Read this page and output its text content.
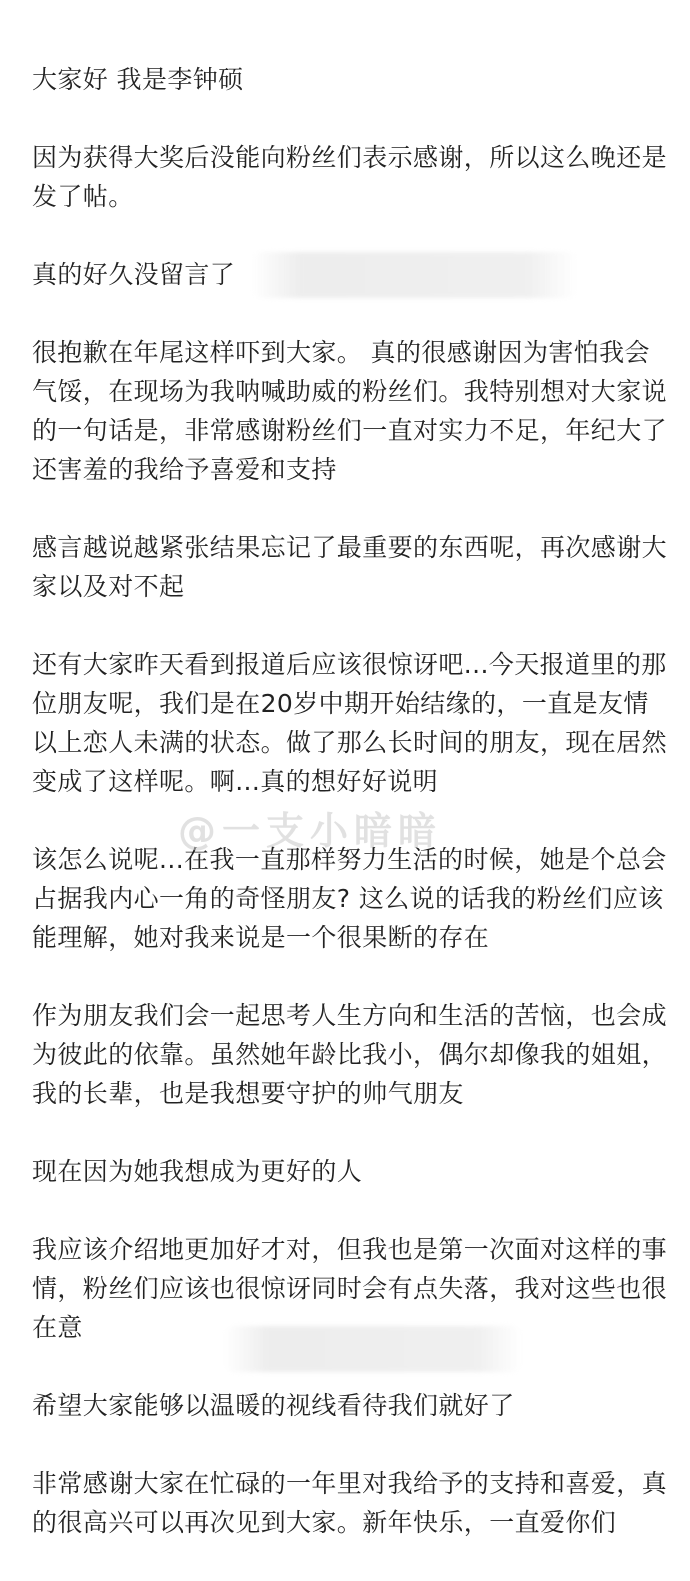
大家好 我是李钟硕

因为获得大奖后没能向粉丝们表示感谢，所以这么晚还是发了帖。

真的好久没留言了

很抱歉在年尾这样吓到大家。 真的很感谢因为害怕我会气馁，在现场为我呐喊助威的粉丝们。我特别想对大家说的一句话是，非常感谢粉丝们一直对实力不足，年纪大了还害羞的我给予喜爱和支持

感言越说越紧张结果忘记了最重要的东西呢，再次感谢大家以及对不起

还有大家昨天看到报道后应该很惊讶吧...今天报道里的那位朋友呢，我们是在20岁中期开始结缘的，一直是友情以上恋人未满的状态。做了那么长时间的朋友，现在居然变成了这样呢。啊...真的想好好说明

该怎么说呢...在我一直那样努力生活的时候，她是个总会占据我内心一角的奇怪朋友? 这么说的话我的粉丝们应该能理解，她对我来说是一个很果断的存在

作为朋友我们会一起思考人生方向和生活的苦恼，也会成为彼此的依靠。虽然她年龄比我小，偶尔却像我的姐姐，我的长辈，也是我想要守护的帅气朋友

现在因为她我想成为更好的人

我应该介绍地更加好才对，但我也是第一次面对这样的事情，粉丝们应该也很惊讶同时会有点失落，我对这些也很在意

希望大家能够以温暖的视线看待我们就好了

非常感谢大家在忙碌的一年里对我给予的支持和喜爱，真的很高兴可以再次见到大家。新年快乐，一直爱你们

@一支小暗暗
